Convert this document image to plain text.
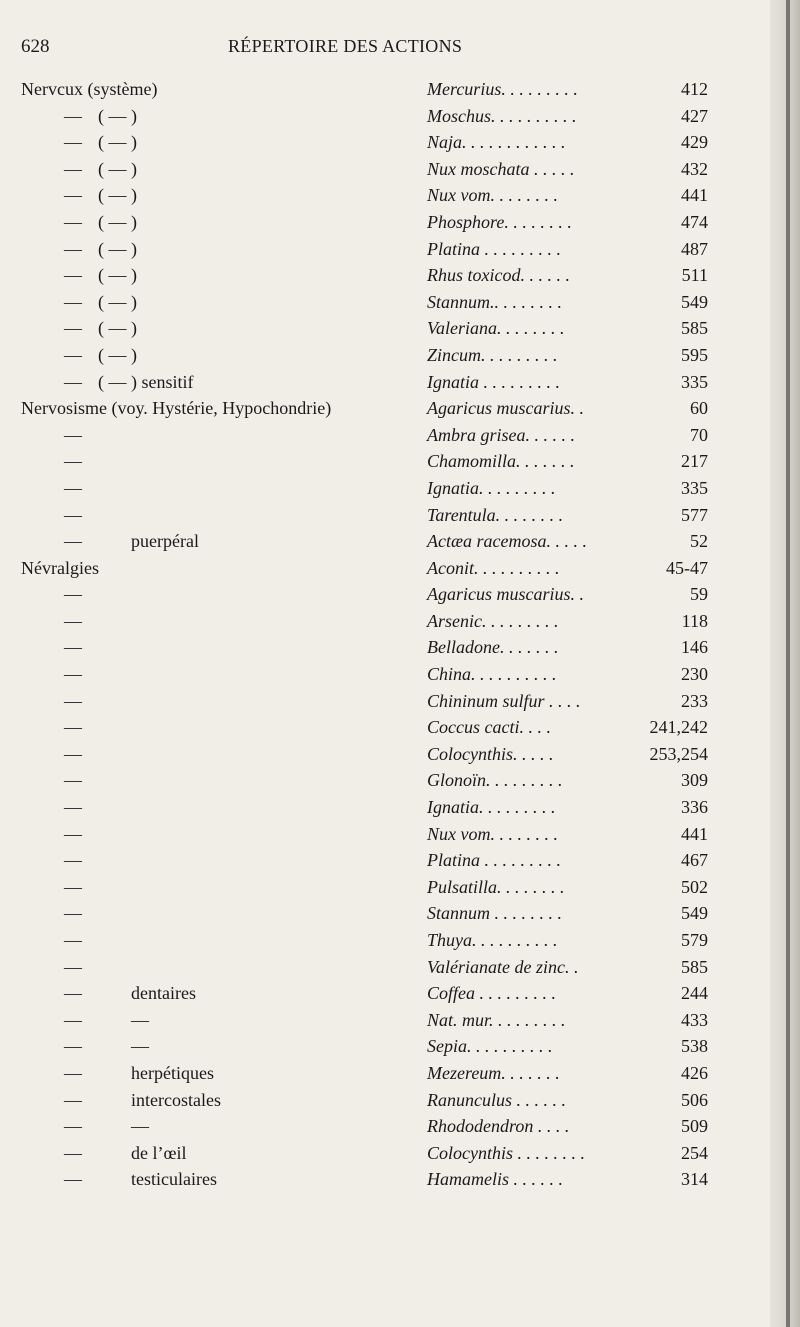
628	RÉPERTOIRE DES ACTIONS
Nervcux (système)	Mercurius. . . . . . . . .	412
— ( — )	Moschus. . . . . . . . . .	427
— ( — )	Naja. . . . . . . . . . . .	429
— ( — )	Nux moschata . . . . .	432
— ( — )	Nux vom. . . . . . . .	441
— ( — )	Phosphore. . . . . . . .	474
— ( — )	Platina . . . . . . . . .	487
— ( — )	Rhus toxicod. . . . . .	511
— ( — )	Stannum.. . . . . . . .	549
— ( — )	Valeriana. . . . . . . .	585
— ( — )	Zincum. . . . . . . . .	595
— ( — ) sensitif	Ignatia . . . . . . . . .	335
Nervosisme (voy. Hystérie, Hypochondrie)	Agaricus muscarius. .	60
—	Ambra grisea. . . . . .	70
—	Chamomilla. . . . . . .	217
—	Ignatia. . . . . . . . .	335
—	Tarentula. . . . . . . .	577
—	puerpéral	Actæa racemosa. . . . .	52
Névralgies	Aconit. . . . . . . . . .	45-47
—	Agaricus muscarius. .	59
—	Arsenic. . . . . . . . .	118
—	Belladone. . . . . . .	146
—	China. . . . . . . . . .	230
—	Chininum sulfur . . . .	233
—	Coccus cacti. . . .	241,242
—	Colocynthis. . . . .	253,254
—	Glonoïn. . . . . . . . .	309
—	Ignatia. . . . . . . . .	336
—	Nux vom. . . . . . . .	441
—	Platina . . . . . . . . .	467
—	Pulsatilla. . . . . . . .	502
—	Stannum . . . . . . . .	549
—	Thuya. . . . . . . . . .	579
—	Valérianate de zinc. .	585
—	dentaires	Coffea . . . . . . . . .	244
—	—	Nat. mur. . . . . . . . .	433
—	—	Sepia. . . . . . . . . .	538
—	herpétiques	Mezereum. . . . . . .	426
—	intercostales	Ranunculus . . . . . .	506
—	—	Rhododendron . . . .	509
—	de l’œil	Colocynthis . . . . . . . .	254
—	testiculaires	Hamamelis . . . . . .	314
